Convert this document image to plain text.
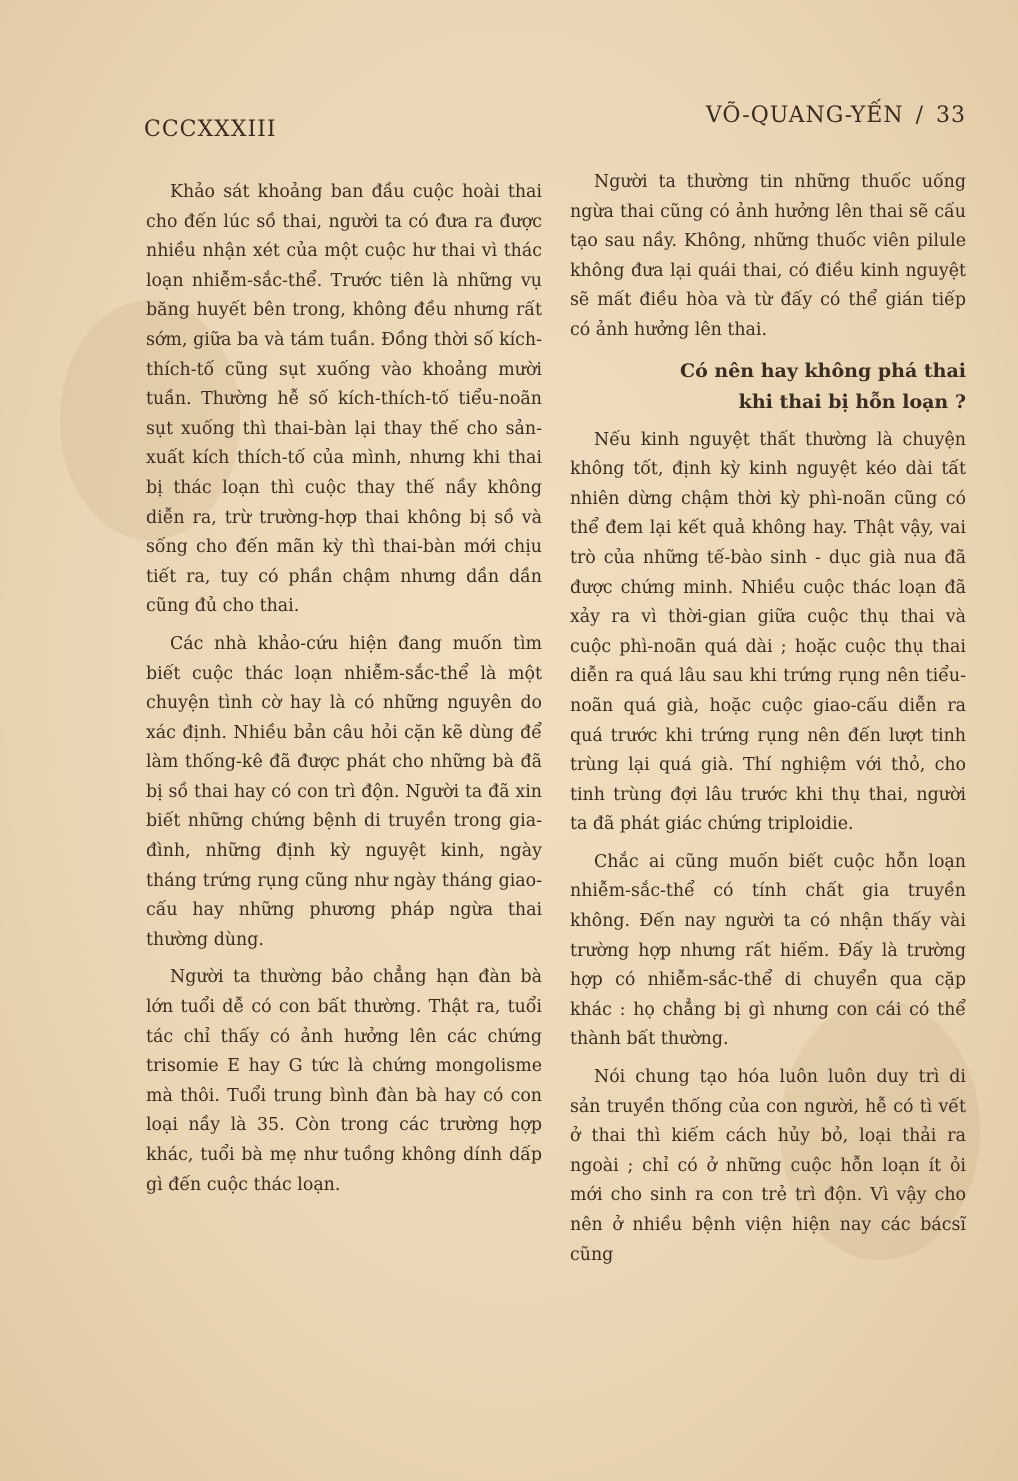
CCCXXXIII
VÕ-QUANG-YẾN / 33

Khảo sát khoảng ban đầu cuộc hoài thai cho đến lúc sồ thai, người ta có đưa ra được nhiều nhận xét của một cuộc hư thai vì thác loạn nhiễm-sắc-thể. Trước tiên là những vụ băng huyết bên trong, không đều nhưng rất sớm, giữa ba và tám tuần. Đồng thời số kích-thích-tố cũng sụt xuống vào khoảng mười tuần. Thường hễ số kích-thích-tố tiểu-noãn sụt xuống thì thai-bàn lại thay thế cho sản-xuất kích thích-tố của mình, nhưng khi thai bị thác loạn thì cuộc thay thế nầy không diễn ra, trừ trường-hợp thai không bị sồ và sống cho đến mãn kỳ thì thai-bàn mới chịu tiết ra, tuy có phần chậm nhưng dần dần cũng đủ cho thai.

Các nhà khảo-cứu hiện đang muốn tìm biết cuộc thác loạn nhiễm-sắc-thể là một chuyện tình cờ hay là có những nguyên do xác định. Nhiều bản câu hỏi cặn kẽ dùng để làm thống-kê đã được phát cho những bà đã bị sồ thai hay có con trì độn. Người ta đã xin biết những chứng bệnh di truyền trong gia-đình, những định kỳ nguyệt kinh, ngày tháng trứng rụng cũng như ngày tháng giao-cấu hay những phương pháp ngừa thai thường dùng.

Người ta thường bảo chẳng hạn đàn bà lớn tuổi dễ có con bất thường. Thật ra, tuổi tác chỉ thấy có ảnh hưởng lên các chứng trisomie E hay G tức là chứng mongolisme mà thôi. Tuổi trung bình đàn bà hay có con loại nầy là 35. Còn trong các trường hợp khác, tuổi bà mẹ như tuồng không dính dấp gì đến cuộc thác loạn.

Người ta thường tin những thuốc uống ngừa thai cũng có ảnh hưởng lên thai sẽ cấu tạo sau nầy. Không, những thuốc viên pilule không đưa lại quái thai, có điều kinh nguyệt sẽ mất điều hòa và từ đấy có thể gián tiếp có ảnh hưởng lên thai.

Có nên hay không phá thai
khi thai bị hỗn loạn ?

Nếu kinh nguyệt thất thường là chuyện không tốt, định kỳ kinh nguyệt kéo dài tất nhiên dừng chậm thời kỳ phì-noãn cũng có thể đem lại kết quả không hay. Thật vậy, vai trò của những tế-bào sinh - dục già nua đã được chứng minh. Nhiều cuộc thác loạn đã xảy ra vì thời-gian giữa cuộc thụ thai và cuộc phì-noãn quá dài ; hoặc cuộc thụ thai diễn ra quá lâu sau khi trứng rụng nên tiểu-noãn quá già, hoặc cuộc giao-cấu diễn ra quá trước khi trứng rụng nên đến lượt tinh trùng lại quá già. Thí nghiệm với thỏ, cho tinh trùng đợi lâu trước khi thụ thai, người ta đã phát giác chứng triploidie.

Chắc ai cũng muốn biết cuộc hỗn loạn nhiễm-sắc-thể có tính chất gia truyền không. Đến nay người ta có nhận thấy vài trường hợp nhưng rất hiếm. Đấy là trường hợp có nhiễm-sắc-thể di chuyển qua cặp khác : họ chẳng bị gì nhưng con cái có thể thành bất thường.

Nói chung tạo hóa luôn luôn duy trì di sản truyền thống của con người, hễ có tì vết ở thai thì kiếm cách hủy bỏ, loại thải ra ngoài ; chỉ có ở những cuộc hỗn loạn ít ỏi mới cho sinh ra con trẻ trì độn. Vì vậy cho nên ở nhiều bệnh viện hiện nay các bácsĩ cũng
